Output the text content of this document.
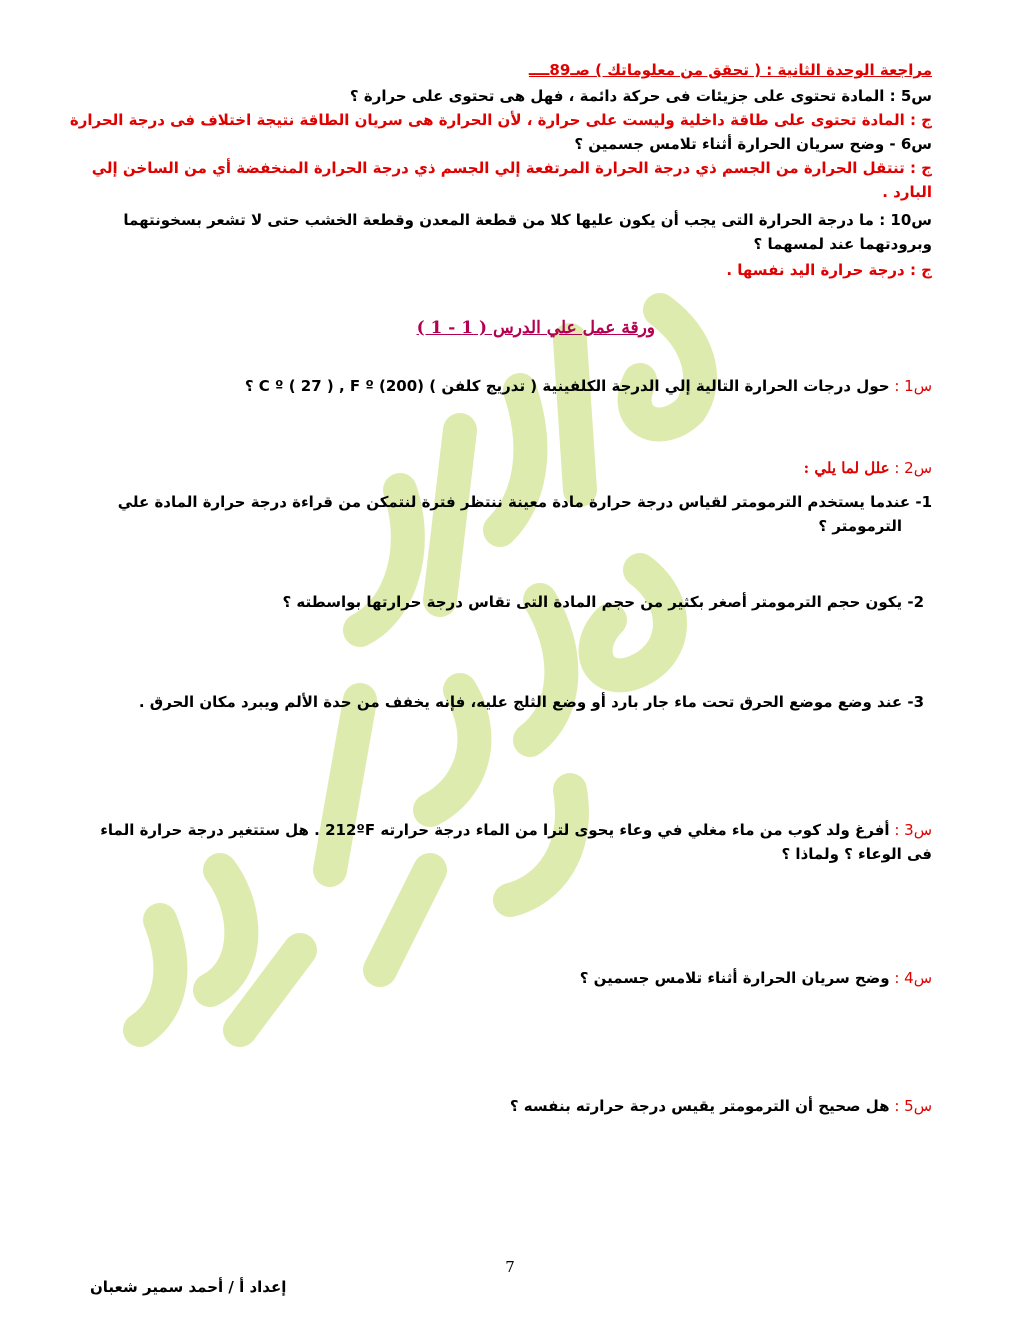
مراجعة الوحدة الثانية : ( تحقق من معلوماتك ) صـ89ــــ
س5 : المادة تحتوى على جزيئات فى حركة دائمة ، فهل هى تحتوى على حرارة ؟
ج : المادة تحتوى على طاقة داخلية وليست على حرارة ، لأن الحرارة هى سريان الطاقة نتيجة اختلاف فى درجة الحرارة
س6 - وضح سريان الحرارة أثناء تلامس جسمين ؟
ج : تنتقل الحرارة من الجسم ذي درجة الحرارة المرتفعة إلي الجسم ذي درجة الحرارة المنخفضة أي من الساخن إلي
البارد .
س10 : ما درجة الحرارة التى يجب أن يكون عليها كلا من قطعة المعدن وقطعة الخشب حتى لا تشعر بسخونتهما
وبرودتهما عند لمسهما ؟
ج : درجة حرارة اليد نفسها .
ورقة عمل علي الدرس ( 1 - 1 )
س1 : حول درجات الحرارة التالية إلي الدرجة الكلفينية ( تدريج كلفن ) C º ( 27 ) , F º (200) ؟
س2 : علل لما يلي :
1- عندما يستخدم الترمومتر لقياس درجة حرارة مادة معينة ننتظر فترة لنتمكن من قراءة درجة حرارة المادة علي
الترمومتر ؟
2- يكون حجم الترمومتر أصغر بكثير من حجم المادة التى تقاس درجة حرارتها بواسطته ؟
3- عند وضع موضع الحرق تحت ماء جار بارد أو وضع الثلج عليه، فإنه يخفف من حدة الألم ويبرد مكان الحرق .
س3 : أفرغ ولد كوب من ماء مغلي في وعاء يحوى لترا من الماء درجة حرارته 212ºF . هل ستتغير درجة حرارة الماء
فى الوعاء ؟ ولماذا ؟
س4 : وضح سريان الحرارة أثناء تلامس جسمين ؟
س5 : هل صحيح أن الترمومتر يقيس درجة حرارته بنفسه ؟
7
إعداد أ / أحمد سمير شعبان
